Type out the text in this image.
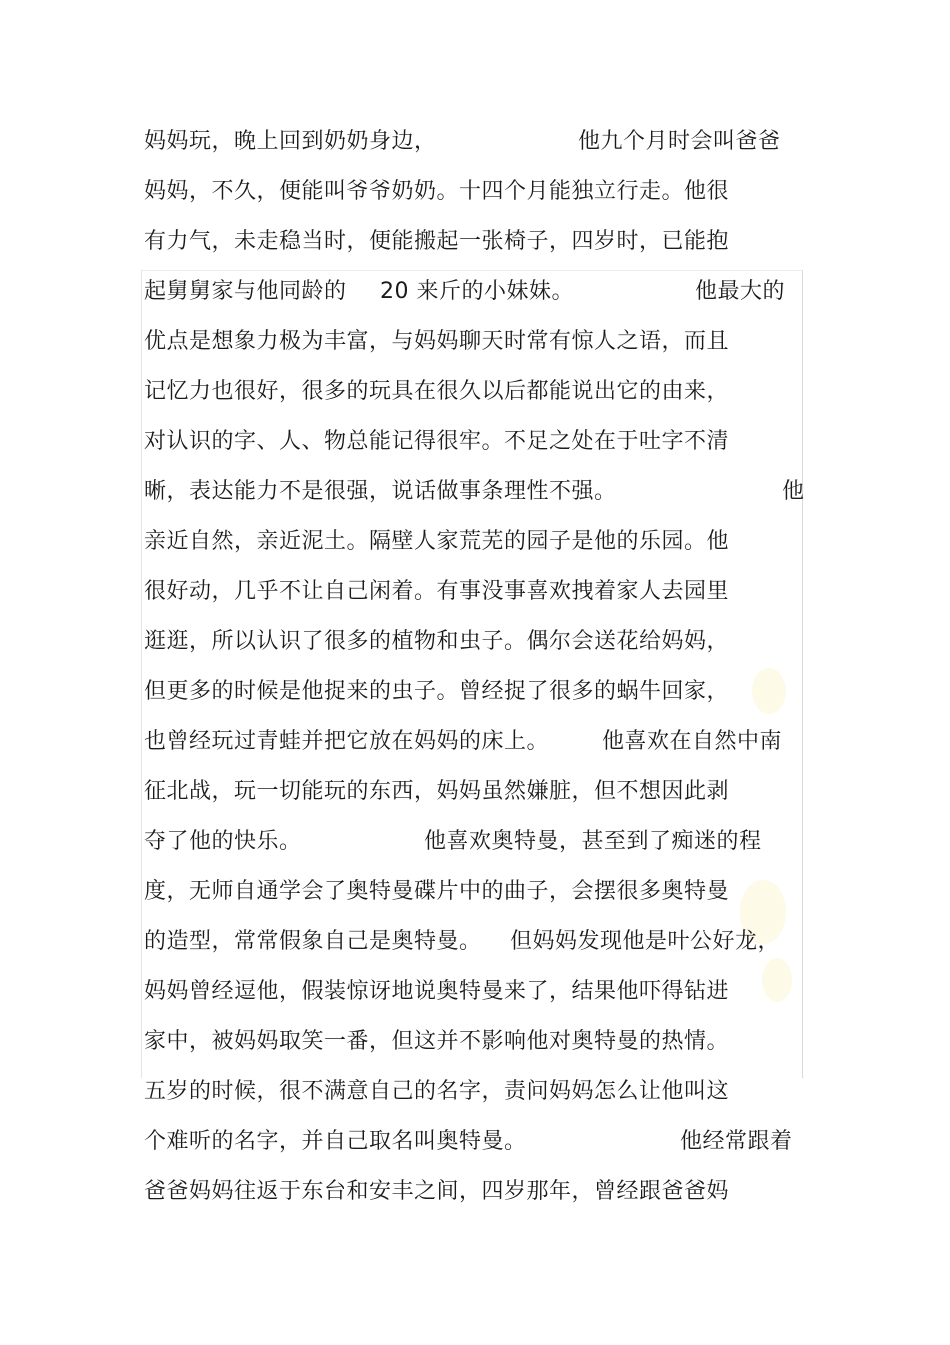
妈妈玩，晚上回到奶奶身边，	他九个月时会叫爸爸
妈妈，不久，便能叫爷爷奶奶。十四个月能独立行走。他很
有力气，未走稳当时，便能搬起一张椅子，四岁时，已能抱
起舅舅家与他同龄的 20 来斤的小妹妹。	他最大的
优点是想象力极为丰富，与妈妈聊天时常有惊人之语，而且
记忆力也很好，很多的玩具在很久以后都能说出它的由来，
对认识的字、人、物总能记得很牢。不足之处在于吐字不清
晰，表达能力不是很强，说话做事条理性不强。	他
亲近自然，亲近泥土。隔壁人家荒芜的园子是他的乐园。他
很好动，几乎不让自己闲着。有事没事喜欢拽着家人去园里
逛逛，所以认识了很多的植物和虫子。偶尔会送花给妈妈，
但更多的时候是他捉来的虫子。曾经捉了很多的蜗牛回家，
也曾经玩过青蛙并把它放在妈妈的床上。 他喜欢在自然中南
征北战，玩一切能玩的东西，妈妈虽然嫌脏，但不想因此剥
夺了他的快乐。	他喜欢奥特曼，甚至到了痴迷的程
度，无师自通学会了奥特曼碟片中的曲子，会摆很多奥特曼
的造型，常常假象自己是奥特曼。 但妈妈发现他是叶公好龙，
妈妈曾经逗他，假装惊讶地说奥特曼来了，结果他吓得钻进
家中，被妈妈取笑一番，但这并不影响他对奥特曼的热情。
五岁的时候，很不满意自己的名字，责问妈妈怎么让他叫这
个难听的名字，并自己取名叫奥特曼。	他经常跟着
爸爸妈妈往返于东台和安丰之间，四岁那年，曾经跟爸爸妈
